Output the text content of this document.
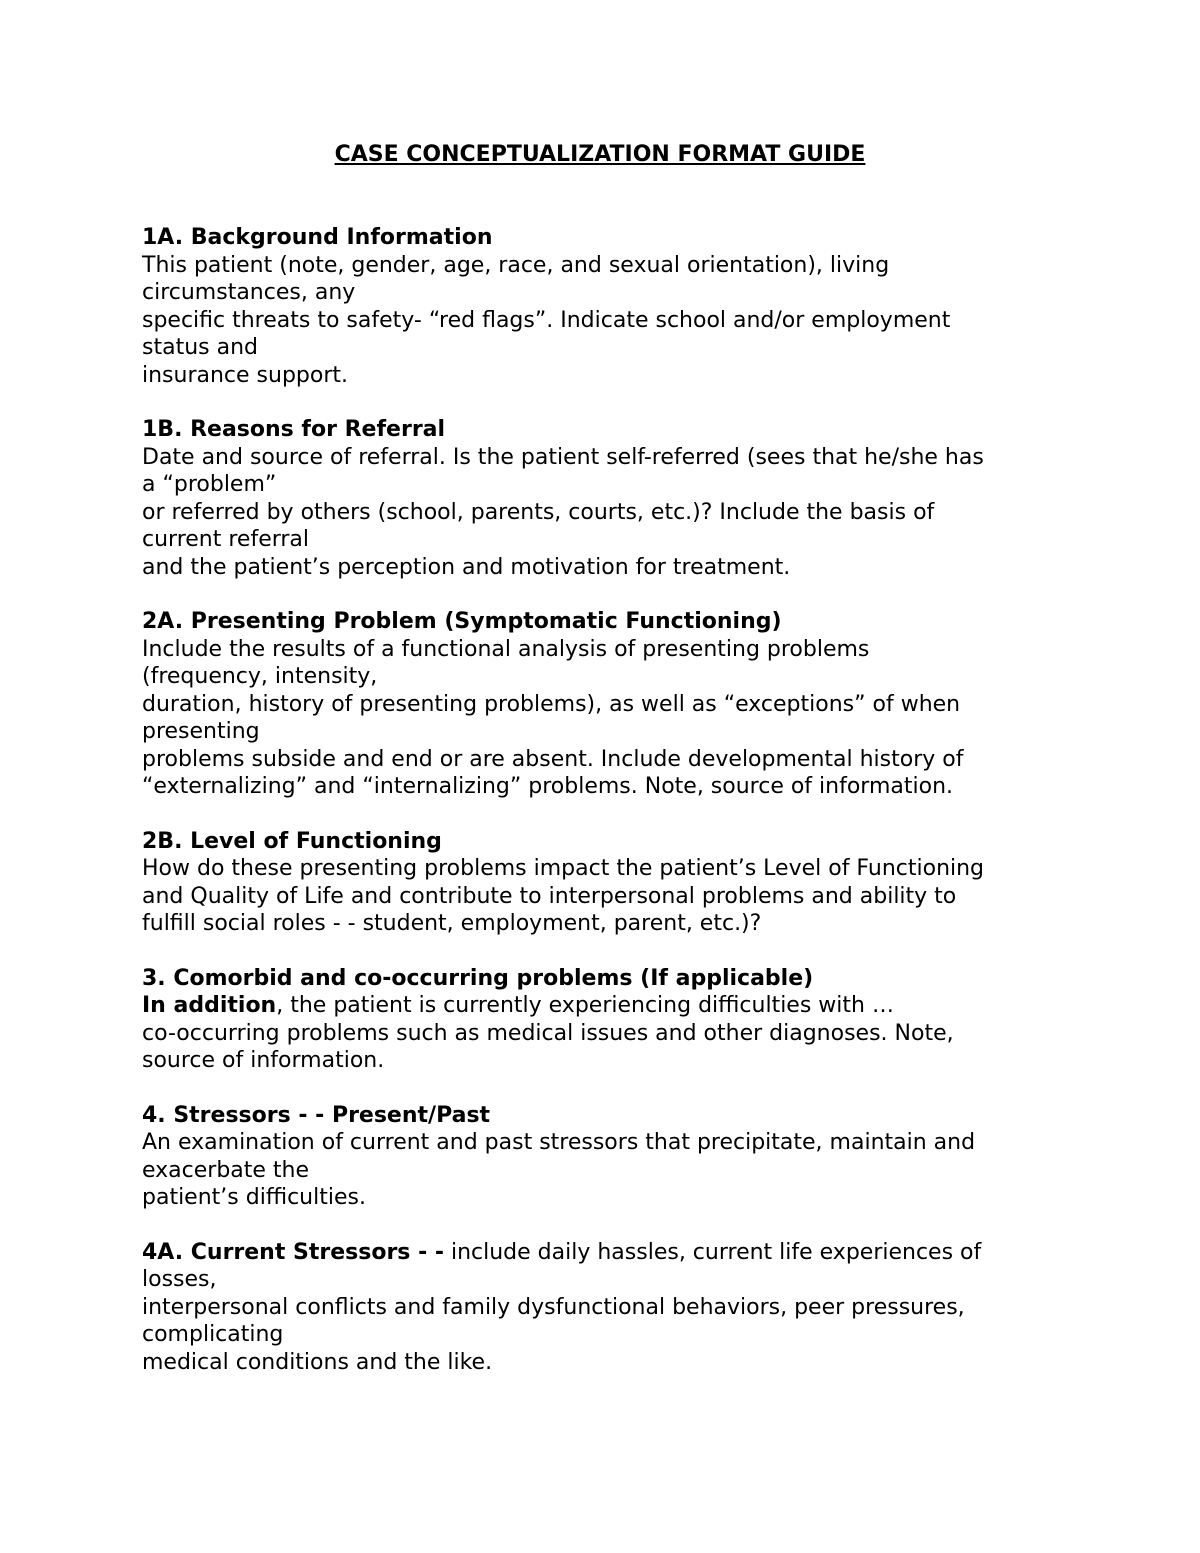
CASE CONCEPTUALIZATION FORMAT GUIDE
1A. Background Information
This patient (note, gender, age, race, and sexual orientation), living
circumstances, any
specific threats to safety- “red flags”. Indicate school and/or employment
status and
insurance support.
1B. Reasons for Referral
Date and source of referral. Is the patient self-referred (sees that he/she has
a “problem”
or referred by others (school, parents, courts, etc.)? Include the basis of
current referral
and the patient’s perception and motivation for treatment.
2A. Presenting Problem (Symptomatic Functioning)
Include the results of a functional analysis of presenting problems
(frequency, intensity,
duration, history of presenting problems), as well as “exceptions” of when
presenting
problems subside and end or are absent. Include developmental history of
“externalizing” and “internalizing” problems. Note, source of information.
2B. Level of Functioning
How do these presenting problems impact the patient’s Level of Functioning
and Quality of Life and contribute to interpersonal problems and ability to
fulfill social roles - - student, employment, parent, etc.)?
3. Comorbid and co-occurring problems (If applicable)
In addition, the patient is currently experiencing difficulties with …
co-occurring problems such as medical issues and other diagnoses. Note,
source of information.
4. Stressors - - Present/Past
An examination of current and past stressors that precipitate, maintain and
exacerbate the
patient’s difficulties.
4A. Current Stressors - - include daily hassles, current life experiences of
losses,
interpersonal conflicts and family dysfunctional behaviors, peer pressures,
complicating
medical conditions and the like.
